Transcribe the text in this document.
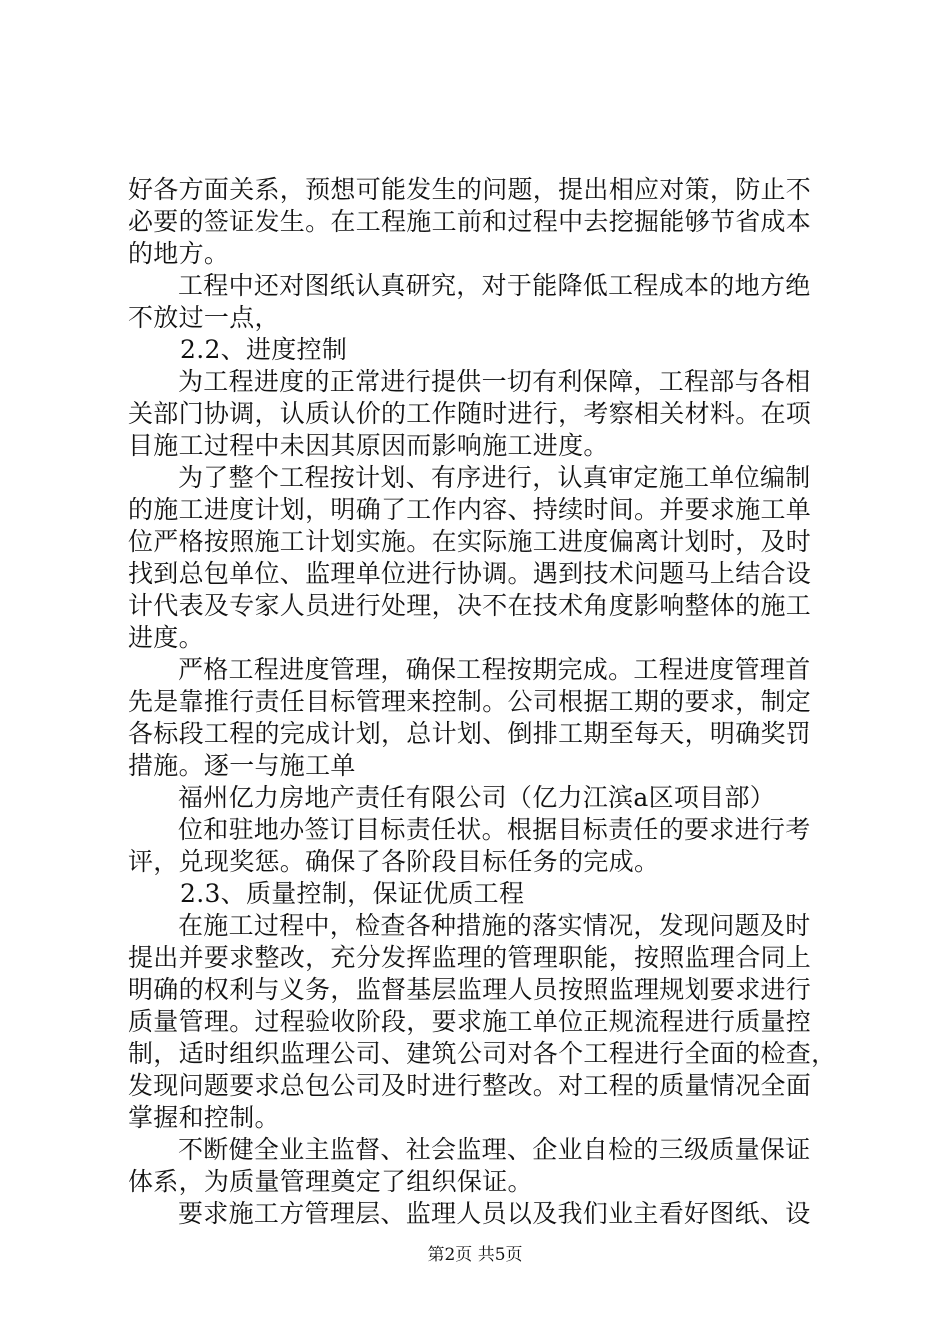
好各方面关系，预想可能发生的问题，提出相应对策，防止不
必要的签证发生。在工程施工前和过程中去挖掘能够节省成本
的地方。
工程中还对图纸认真研究，对于能降低工程成本的地方绝
不放过一点，
2.2、进度控制
为工程进度的正常进行提供一切有利保障，工程部与各相
关部门协调，认质认价的工作随时进行，考察相关材料。在项
目施工过程中未因其原因而影响施工进度。
为了整个工程按计划、有序进行，认真审定施工单位编制
的施工进度计划，明确了工作内容、持续时间。并要求施工单
位严格按照施工计划实施。在实际施工进度偏离计划时，及时
找到总包单位、监理单位进行协调。遇到技术问题马上结合设
计代表及专家人员进行处理，决不在技术角度影响整体的施工
进度。
严格工程进度管理，确保工程按期完成。工程进度管理首
先是靠推行责任目标管理来控制。公司根据工期的要求，制定
各标段工程的完成计划，总计划、倒排工期至每天，明确奖罚
措施。逐一与施工单
福州亿力房地产责任有限公司（亿力江滨a区项目部）
位和驻地办签订目标责任状。根据目标责任的要求进行考
评，兑现奖惩。确保了各阶段目标任务的完成。
2.3、质量控制，保证优质工程
在施工过程中，检查各种措施的落实情况，发现问题及时
提出并要求整改，充分发挥监理的管理职能，按照监理合同上
明确的权利与义务，监督基层监理人员按照监理规划要求进行
质量管理。过程验收阶段，要求施工单位正规流程进行质量控
制，适时组织监理公司、建筑公司对各个工程进行全面的检查，
发现问题要求总包公司及时进行整改。对工程的质量情况全面
掌握和控制。
不断健全业主监督、社会监理、企业自检的三级质量保证
体系，为质量管理奠定了组织保证。
要求施工方管理层、监理人员以及我们业主看好图纸、设
第2页 共5页
